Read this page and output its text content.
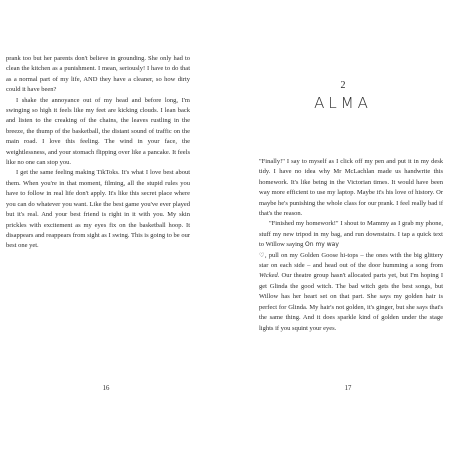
prank too but her parents don't believe in grounding. She only had to clean the kitchen as a punishment. I mean, seriously! I have to do that as a normal part of my life, AND they have a cleaner, so how dirty could it have been?

I shake the annoyance out of my head and before long, I'm swinging so high it feels like my feet are kicking clouds. I lean back and listen to the creaking of the chains, the leaves rustling in the breeze, the thump of the basketball, the distant sound of traffic on the main road. I love this feeling. The wind in your face, the weightlessness, and your stomach flipping over like a pancake. It feels like no one can stop you.

I get the same feeling making TikToks. It's what I love best about them. When you're in that moment, filming, all the stupid rules you have to follow in real life don't apply. It's like this secret place where you can do whatever you want. Like the best game you've ever played but it's real. And your best friend is right in it with you. My skin prickles with excitement as my eyes fix on the basketball hoop. It disappears and reappears from sight as I swing. This is going to be our best one yet.

16
2
ALMA

"Finally!" I say to myself as I click off my pen and put it in my desk tidy. I have no idea why Mr McLachlan made us handwrite this homework. It's like being in the Victorian times. It would have been way more efficient to use my laptop. Maybe it's his love of history. Or maybe he's punishing the whole class for our prank. I feel really bad if that's the reason.

"Finished my homework!" I shout to Mammy as I grab my phone, stuff my new tripod in my bag, and run downstairs. I tap a quick text to Willow saying On my way
♡, pull on my Golden Goose hi-tops – the ones with the big glittery star on each side – and head out of the door humming a song from Wicked. Our theatre group hasn't allocated parts yet, but I'm hoping I get Glinda the good witch. The bad witch gets the best songs, but Willow has her heart set on that part. She says my golden hair is perfect for Glinda. My hair's not golden, it's ginger, but she says that's the same thing. And it does sparkle kind of golden under the stage lights if you squint your eyes.

17
